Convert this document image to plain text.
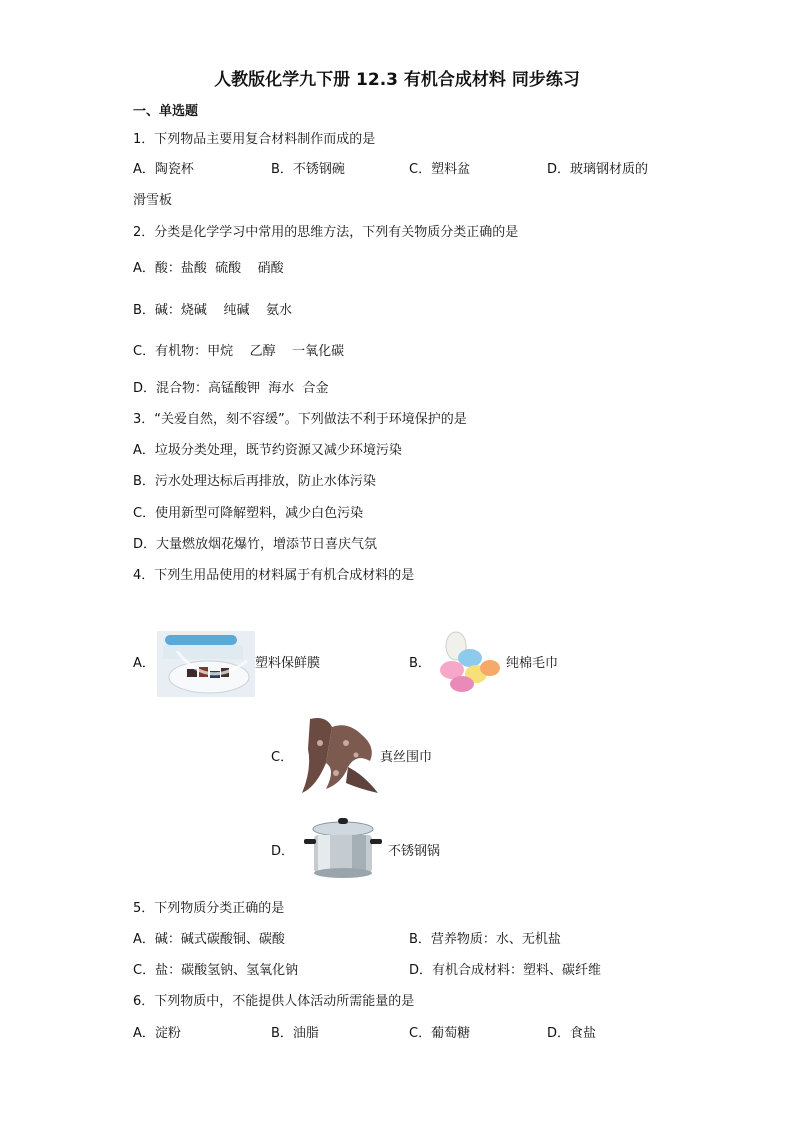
人教版化学九下册 12.3 有机合成材料 同步练习
一、单选题
1．下列物品主要用复合材料制作而成的是
A．陶瓷杯	B．不锈钢碗	C．塑料盆	D．玻璃钢材质的
滑雪板
2．分类是化学学习中常用的思维方法，下列有关物质分类正确的是
A．酸：盐酸  硫酸    硝酸
B．碱：烧碱    纯碱    氨水
C．有机物：甲烷    乙醇    一氧化碳
D．混合物：高锰酸钾  海水  合金
3．“关爱自然，刻不容缓”。下列做法不利于环境保护的是
A．垃圾分类处理，既节约资源又减少环境污染
B．污水处理达标后再排放，防止水体污染
C．使用新型可降解塑料，减少白色污染
D．大量燃放烟花爆竹，增添节日喜庆气氛
4．下列生用品使用的材料属于有机合成材料的是
A．	塑料保鲜膜	B．	纯棉毛巾
C．	真丝围巾
D．	不锈钢锅
5．下列物质分类正确的是
A．碱：碱式碳酸铜、碳酸	B．营养物质：水、无机盐
C．盐：碳酸氢钠、氢氧化钠	D．有机合成材料：塑料、碳纤维
6．下列物质中，不能提供人体活动所需能量的是
A．淀粉	B．油脂	C．葡萄糖	D．食盐
